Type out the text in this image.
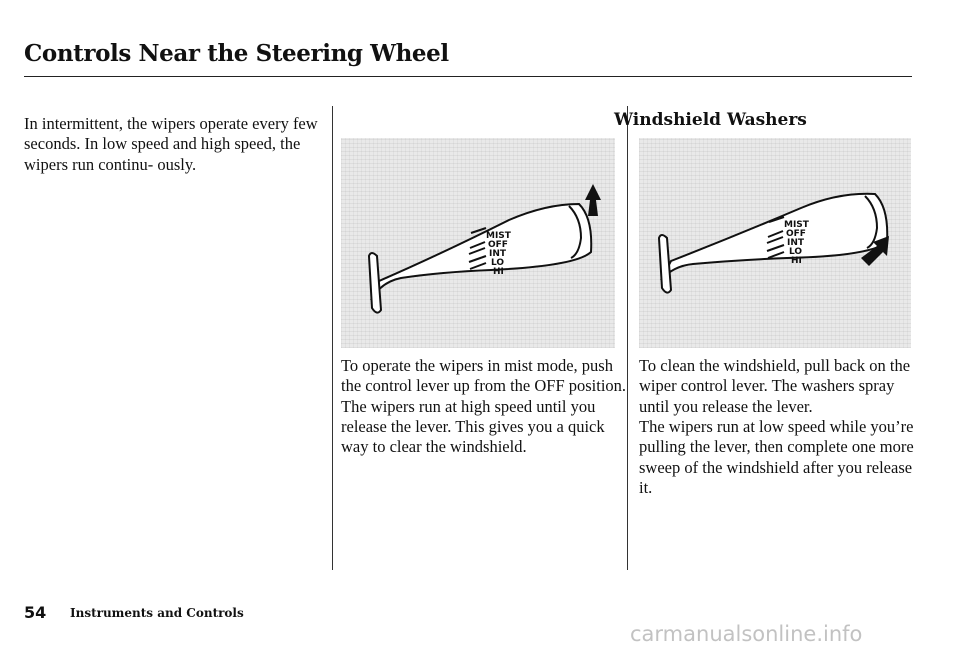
Controls Near the Steering Wheel

In intermittent, the wipers operate every few seconds. In low speed and high speed, the wipers run continu- ously.

MIST
OFF
INT
LO
HI

To operate the wipers in mist mode, push the control lever up from the OFF position. The wipers run at high speed until you release the lever. This gives you a quick way to clear the windshield.

Windshield Washers
MIST
OFF
INT
LO
HI

To clean the windshield, pull back on the wiper control lever. The washers spray until you release the lever.

The wipers run at low speed while you’re pulling the lever, then complete one more sweep of the windshield after you release it.

54 Instruments and Controls
carmanualsonline.info
